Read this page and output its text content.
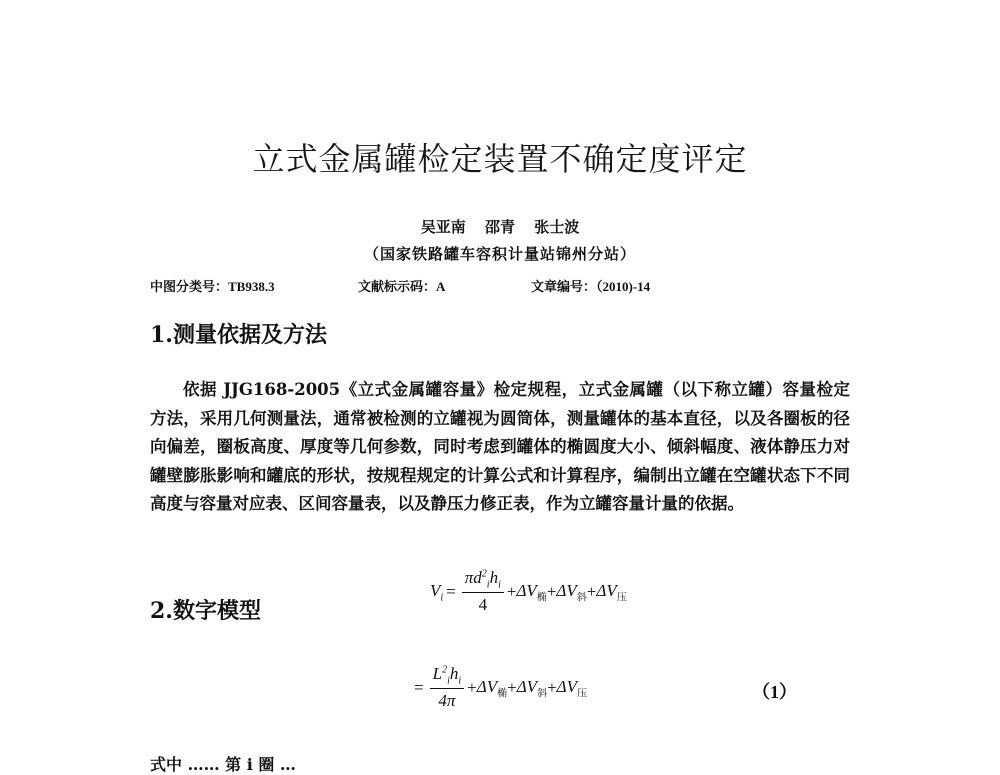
立式金属罐检定装置不确定度评定
吴亚南 邵青 张士波
（国家铁路罐车容积计量站锦州分站）
中图分类号：TB938.3	文献标示码：A	文章编号：（2010)-14
1.测量依据及方法

依据 JJG168-2005《立式金属罐容量》检定规程，立式金属罐（以下称立罐）容量检定方法，采用几何测量法，通常被检测的立罐视为圆筒体，测量罐体的基本直径，以及各圈板的径向偏差，圈板高度、厚度等几何参数，同时考虑到罐体的椭圆度大小、倾斜幅度、液体静压力对罐壁膨胀影响和罐底的形状，按规程规定的计算公式和计算程序，编制出立罐在空罐状态下不同高度与容量对应表、区间容量表，以及静压力修正表，作为立罐容量计量的依据。

2.数字模型
$V_i = \frac{\pi d^2_ih_i}{4} + \Delta V_椭 + \Delta V_斜 + \Delta V_压$
= $\frac{L^2_ih_i}{4\pi} + \Delta V_椭 + \Delta V_斜 + \Delta V_压$	（1）
式中 …… 第 i 圈 …
